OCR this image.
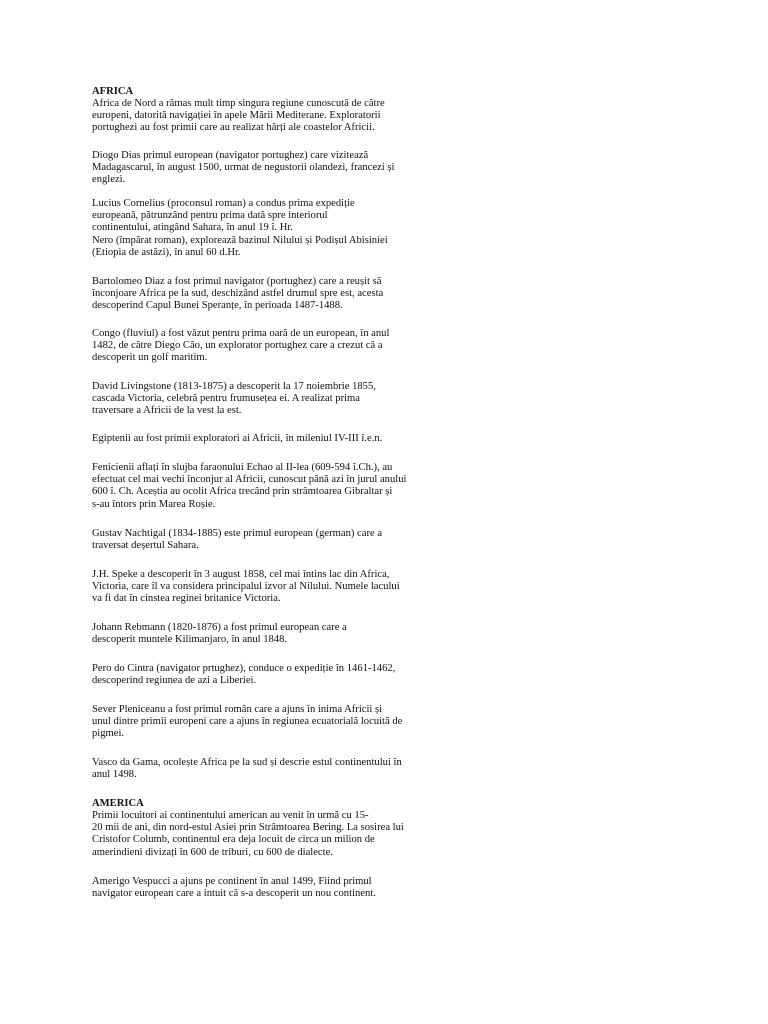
AFRICA
Africa de Nord a rămas mult timp singura regiune cunoscută de către
europeni, datorită navigației în apele Mării Mediterane. Exploratorii
portughezi au fost primii care au realizat hărți ale coastelor Africii.
Diogo Dias primul european (navigator portughez) care vizitează
Madagascarul, în august 1500, urmat de negustorii olandezi, francezi și
englezi.
Lucius Cornelius (proconsul roman) a condus prima expediție
europeană, pătrunzând pentru prima dată spre interiorul
continentului, atingând Sahara, în anul 19 î. Hr.
Nero (împărat roman), explorează bazinul Nilului și Podișul Abisiniei
(Etiopia de astăzi), în anul 60 d.Hr.
Bartolomeo Diaz a fost primul navigator (portughez) care a reușit să
înconjoare Africa pe la sud, deschizând astfel drumul spre est, acesta
descoperind Capul Bunei Speranțe, în perioada 1487-1488.
Congo (fluviul) a fost văzut pentru prima oară de un european, în anul
1482, de către Diego Cão, un explorator portughez care a crezut că a
descoperit un golf maritim.
David Livingstone (1813-1875) a descoperit la 17 noiembrie 1855,
cascada Victoria, celebră pentru frumusețea ei. A realizat prima
traversare a Africii de la vest la est.
Egiptenii au fost primii exploratori ai Africii, în mileniul IV-III î.e.n.
Fenicienii aflați în slujba faraonului Echao al II-lea (609-594 î.Ch.), au
efectuat cel mai vechi înconjur al Africii, cunoscut până azi în jurul anului
600 î. Ch. Aceștia au ocolit Africa trecând prin strâmtoarea Gibraltar și
s-au întors prin Marea Roșie.
Gustav Nachtigal (1834-1885) este primul european (german) care a
traversat deșertul Sahara.
J.H. Speke a descoperit în 3 august 1858, cel mai întins lac din Africa,
Victoria, care îl va considera principalul izvor al Nilului. Numele lacului
va fi dat în cinstea reginei britanice Victoria.
Johann Rebmann (1820-1876) a fost primul european care a
descoperit muntele Kilimanjaro, în anul 1848.
Pero do Cintra (navigator prtughez), conduce o expediție în 1461-1462,
descoperind regiunea de azi a Liberiei.
Sever Pleniceanu a fost primul român care a ajuns în inima Africii și
unul dintre primii europeni care a ajuns în regiunea ecuatorială locuită de
pigmei.
Vasco da Gama, ocolește Africa pe la sud și descrie estul continentului în
anul 1498.
AMERICA
Primii locuitori ai continentului american au venit în urmă cu 15-
20 mii de ani, din nord-estul Asiei prin Strâmtoarea Bering. La sosirea lui
Cristofor Columb, continentul era deja locuit de circa un milion de
amerindieni divizați în 600 de triburi, cu 600 de dialecte.
Amerigo Vespucci a ajuns pe continent în anul 1499, Fiind primul
navigator european care a intuit că s-a descoperit un nou continent.
